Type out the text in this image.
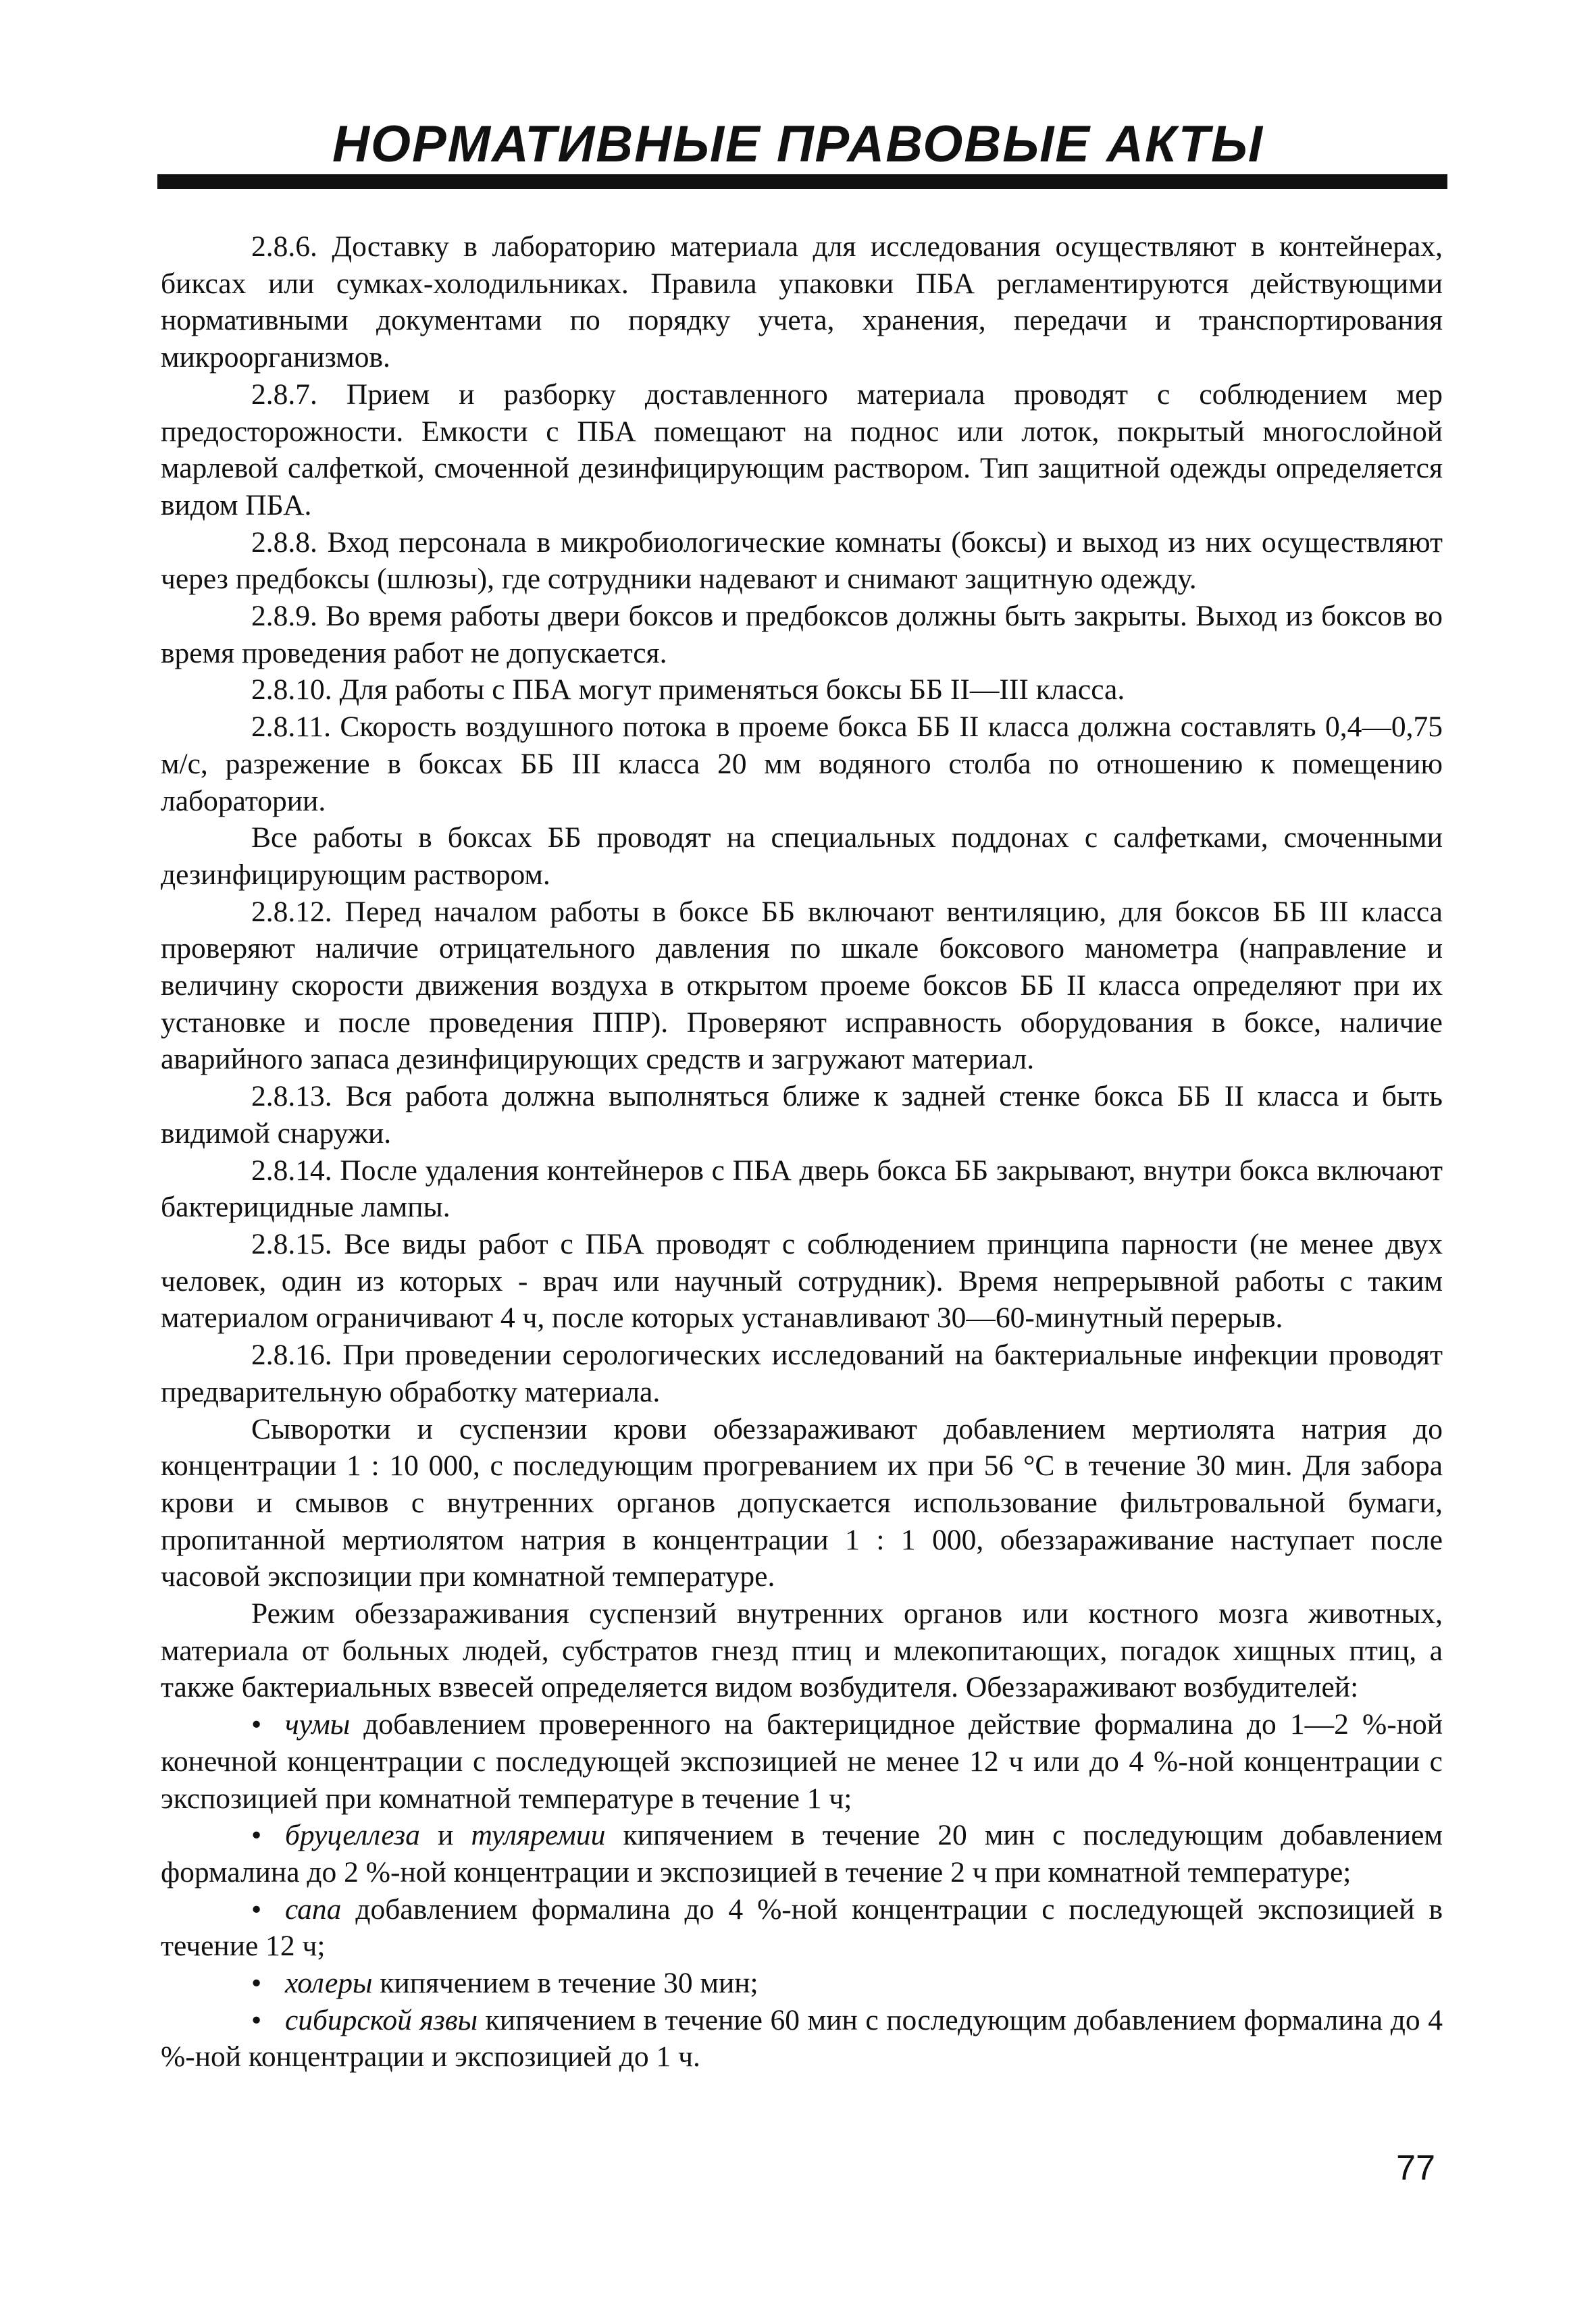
НОРМАТИВНЫЕ ПРАВОВЫЕ АКТЫ

2.8.6. Доставку в лабораторию материала для исследования осуществляют в контейнерах, биксах или сумках-холодильниках. Правила упаковки ПБА регламентируются действующими нормативными документами по порядку учета, хранения, передачи и транспортирования микроорганизмов.

2.8.7. Прием и разборку доставленного материала проводят с соблюдением мер предосторожности. Емкости с ПБА помещают на поднос или лоток, покрытый многослойной марлевой салфеткой, смоченной дезинфицирующим раствором. Тип защитной одежды определяется видом ПБА.

2.8.8. Вход персонала в микробиологические комнаты (боксы) и выход из них осуществляют через предбоксы (шлюзы), где сотрудники надевают и снимают защитную одежду.

2.8.9. Во время работы двери боксов и предбоксов должны быть закрыты. Выход из боксов во время проведения работ не допускается.

2.8.10. Для работы с ПБА могут применяться боксы ББ II—III класса.

2.8.11. Скорость воздушного потока в проеме бокса ББ II класса должна составлять 0,4—0,75 м/с, разрежение в боксах ББ III класса 20 мм водяного столба по отношению к помещению лаборатории.

Все работы в боксах ББ проводят на специальных поддонах с салфетками, смоченными дезинфицирующим раствором.

2.8.12. Перед началом работы в боксе ББ включают вентиляцию, для боксов ББ III класса проверяют наличие отрицательного давления по шкале боксового манометра (направление и величину скорости движения воздуха в открытом проеме боксов ББ II класса определяют при их установке и после проведения ППР). Проверяют исправность оборудования в боксе, наличие аварийного запаса дезинфицирующих средств и загружают материал.

2.8.13. Вся работа должна выполняться ближе к задней стенке бокса ББ II класса и быть видимой снаружи.

2.8.14. После удаления контейнеров с ПБА дверь бокса ББ закрывают, внутри бокса включают бактерицидные лампы.

2.8.15. Все виды работ с ПБА проводят с соблюдением принципа парности (не менее двух человек, один из которых - врач или научный сотрудник). Время непрерывной работы с таким материалом ограничивают 4 ч, после которых устанавливают 30—60-минутный перерыв.

2.8.16. При проведении серологических исследований на бактериальные инфекции проводят предварительную обработку материала.

Сыворотки и суспензии крови обеззараживают добавлением мертиолята натрия до концентрации 1 : 10 000, с последующим прогреванием их при 56 °С в течение 30 мин. Для забора крови и смывов с внутренних органов допускается использование фильтровальной бумаги, пропитанной мертиолятом натрия в концентрации 1 : 1 000, обеззараживание наступает после часовой экспозиции при комнатной температуре.

Режим обеззараживания суспензий внутренних органов или костного мозга животных, материала от больных людей, субстратов гнезд птиц и млекопитающих, погадок хищных птиц, а также бактериальных взвесей определяется видом возбудителя. Обеззараживают возбудителей:

• чумы добавлением проверенного на бактерицидное действие формалина до 1—2 %-ной конечной концентрации с последующей экспозицией не менее 12 ч или до 4 %-ной концентрации с экспозицией при комнатной температуре в течение 1 ч;

• бруцеллеза и туляремии кипячением в течение 20 мин с последующим добавлением формалина до 2 %-ной концентрации и экспозицией в течение 2 ч при комнатной температуре;

• сапа добавлением формалина до 4 %-ной концентрации с последующей экспозицией в течение 12 ч;

• холеры кипячением в течение 30 мин;

• сибирской язвы кипячением в течение 60 мин с последующим добавлением формалина до 4 %-ной концентрации и экспозицией до 1 ч.

77
